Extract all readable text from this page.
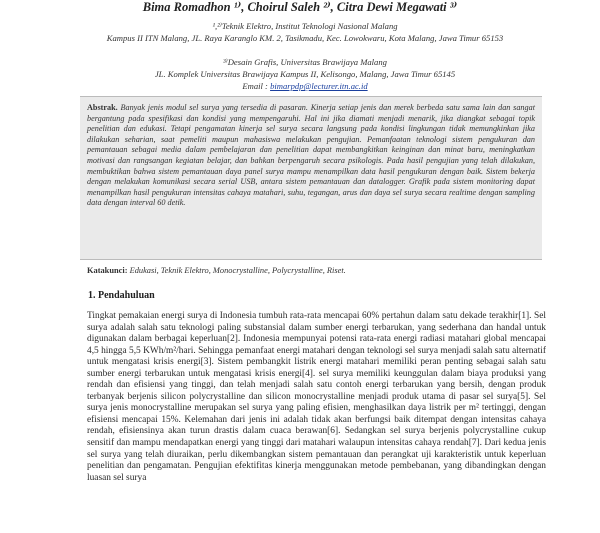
Bima Romadhon ¹⁾, Choirul Saleh ²⁾, Citra Dewi Megawati ³⁾
¹,²⁾Teknik Elektro, Institut Teknologi Nasional Malang
Kampus II ITN Malang, JL. Raya Karanglo KM. 2, Tasikmadu, Kec. Lowokwaru, Kota Malang, Jawa Timur 65153
³⁾Desain Grafis, Universitas Brawijaya Malang
JL. Komplek Universitas Brawijaya Kampus II, Kelisongo, Malang, Jawa Timur 65145
Email : bimarpdp@lecturer.itn.ac.id
Abstrak. Banyak jenis modul sel surya yang tersedia di pasaran. Kinerja setiap jenis dan merek berbeda satu sama lain dan sangat bergantung pada spesifikasi dan kondisi yang mempengaruhi. Hal ini jika diamati menjadi menarik, jika diangkat sebagai topik penelitian dan edukasi. Tetapi pengamatan kinerja sel surya secara langsung pada kondisi lingkungan tidak memungkinkan jika dilakukan seharian, saat pemeliti maupun mahasiswa melakukan pengujian. Pemanfaatan teknologi sistem pengukuran dan pemantauan sebagai media dalam pembelajaran dan penelitian dapat membangkitkan keinginan dan minat baru, meningkatkan motivasi dan rangsangan kegiatan belajar, dan bahkan berpengaruh secara psikologis. Pada hasil pengujian yang telah dilakukan, membuktikan bahwa sistem pemantauan daya panel surya mampu menampilkan data hasil pengukuran dengan baik. Sistem bekerja dengan melakukan komunikasi secara serial USB, antara sistem pemantauan dan datalogger. Grafik pada sistem monitoring dapat menampilkan hasil pengukuran intensitas cahaya matahari, suhu, tegangan, arus dan daya sel surya secara realtime dengan sampling data dengan interval 60 detik.
Katakunci: Edukasi, Teknik Elektro, Monocrystalline, Polycrystalline, Riset.
1. Pendahuluan
Tingkat pemakaian energi surya di Indonesia tumbuh rata-rata mencapai 60% pertahun dalam satu dekade terakhir[1]. Sel surya adalah salah satu teknologi paling substansial dalam sumber energi terbarukan, yang sederhana dan handal untuk digunakan dalam berbagai keperluan[2]. Indonesia mempunyai potensi rata-rata energi radiasi matahari global mencapai 4,5 hingga 5,5 KWh/m²/hari. Sehingga pemanfaat energi matahari dengan teknologi sel surya menjadi salah satu alternatif untuk mengatasi krisis energi[3]. Sistem pembangkit listrik energi matahari memiliki peran penting sebagai salah satu sumber energi terbarukan untuk mengatasi krisis energi[4]. sel surya memiliki keunggulan dalam biaya produksi yang rendah dan efisiensi yang tinggi, dan telah menjadi salah satu contoh energi terbarukan yang bersih, dengan produk terbanyak berjenis silicon polycrystalline dan silicon monocrystalline menjadi produk utama di pasar sel surya[5]. Sel surya jenis monocrystalline merupakan sel surya yang paling efisien, menghasilkan daya listrik per m² tertinggi, dengan efisiensi mencapai 15%. Kelemahan dari jenis ini adalah tidak akan berfungsi baik ditempat dengan intensitas cahaya rendah, efisiensinya akan turun drastis dalam cuaca berawan[6]. Sedangkan sel surya berjenis polycrystalline cukup sensitif dan mampu mendapatkan energi yang tinggi dari matahari walaupun intensitas cahaya rendah[7]. Dari kedua jenis sel surya yang telah diuraikan, perlu dikembangkan sistem pemantauan dan perangkat uji karakteristik untuk keperluan penelitian dan pengamatan. Pengujian efektifitas kinerja menggunakan metode pembebanan, yang dibandingkan dengan luasan sel surya
